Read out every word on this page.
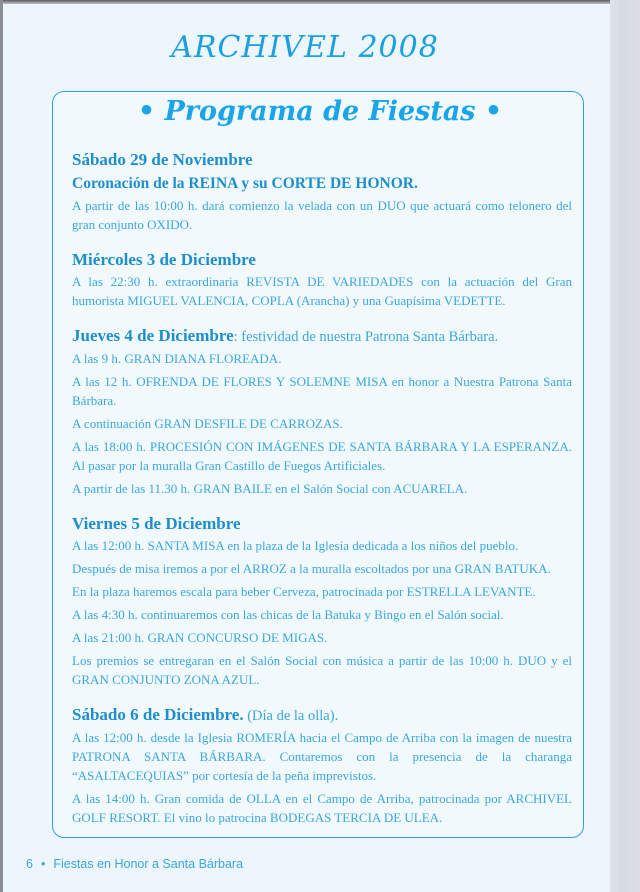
ARCHIVEL 2008
• Programa de Fiestas •

Sábado 29 de Noviembre

Coronación de la REINA y su CORTE DE HONOR.

A partir de las 10:00 h. dará comienzo la velada con un DUO que actuará como telonero del gran conjunto OXIDO.

Miércoles 3 de Diciembre

A las 22:30 h. extraordinaria REVISTA DE VARIEDADES con la actuación del Gran humorista MIGUEL VALENCIA, COPLA (Arancha) y una Guapísima VEDETTE.

Jueves 4 de Diciembre: festividad de nuestra Patrona Santa Bárbara.

A las 9 h. GRAN DIANA FLOREADA.

A las 12 h. OFRENDA DE FLORES Y SOLEMNE MISA en honor a Nuestra Patrona Santa Bárbara.

A continuación GRAN DESFILE DE CARROZAS.

A las 18:00 h. PROCESIÓN CON IMÁGENES DE SANTA BÁRBARA Y LA ESPERANZA. Al pasar por la muralla Gran Castillo de Fuegos Artificiales.

A partir de las 11.30 h. GRAN BAILE en el Salón Social con ACUARELA.

Viernes 5 de Diciembre

A las 12:00 h. SANTA MISA en la plaza de la Iglesia dedicada a los niños del pueblo.

Después de misa iremos a por el ARROZ a la muralla escoltados por una GRAN BATUKA.

En la plaza haremos escala para beber Cerveza, patrocinada por ESTRELLA LEVANTE.

A las 4:30 h. continuaremos con las chicas de la Batuka y Bingo en el Salón social.

A las 21:00 h. GRAN CONCURSO DE MIGAS.

Los premios se entregaran en el Salón Social con música a partir de las 10:00 h. DUO y el GRAN CONJUNTO ZONA AZUL.

Sábado 6 de Diciembre. (Día de la olla).

A las 12:00 h. desde la Iglesia ROMERÍA hacia el Campo de Arriba con la imagen de nuestra PATRONA SANTA BÁRBARA. Contaremos con la presencia de la charanga “ASALTACEQUIAS” por cortesía de la peña imprevistos.

A las 14:00 h. Gran comida de OLLA en el Campo de Arriba, patrocinada por ARCHIVEL GOLF RESORT. El vino lo patrocina BODEGAS TERCIA DE ULEA.

6 • Fiestas en Honor a Santa Bárbara
